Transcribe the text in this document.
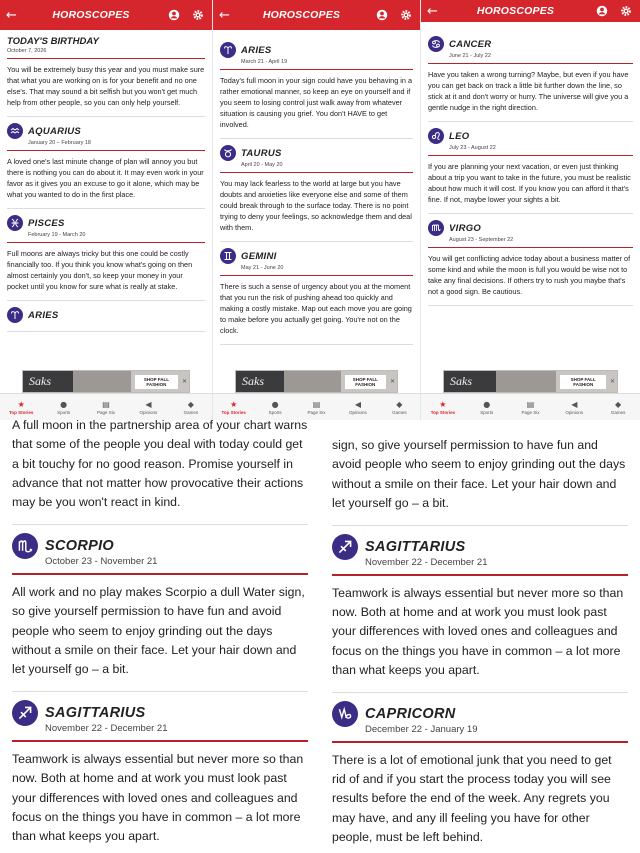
←	HOROSCOPES
TODAY'S BIRTHDAY
October 7, 2026
You will be extremely busy this year and you must make sure that what you are working on is for your benefit and no one else's. That may sound a bit selfish but you won't get much help from other people, so you can only help yourself.
AQUARIUS
January 20 – February 18
A loved one's last minute change of plan will annoy you but there is nothing you can do about it. It may even work in your favor as it gives you an excuse to go it alone, which may be what you wanted to do in the first place.
PISCES
February 19 - March 20
Full moons are always tricky but this one could be costly financially too. If you think you know what's going on then almost certainly you don't, so keep your money in your pocket until you know for sure what is really at stake.
ARIES
Saks	SHOP FALL FASHION	✕
★
Top Stories
●
Sports
▤
Page Six
◀
Opinions
◆
Games
←	HOROSCOPES
ARIES
March 21 - April 19
Today's full moon in your sign could have you behaving in a rather emotional manner, so keep an eye on yourself and if you seem to losing control just walk away from whatever situation is causing you grief. You don't HAVE to get involved.
TAURUS
April 20 - May 20
You may lack fearless to the world at large but you have doubts and anxieties like everyone else and some of them could break through to the surface today. There is no point trying to deny your feelings, so acknowledge them and deal with them.
GEMINI
May 21 - June 20
There is such a sense of urgency about you at the moment that you run the risk of pushing ahead too quickly and making a costly mistake. Map out each move you are going to make before you actually get going. You're not on the clock.
Saks	SHOP FALL FASHION	✕
★
Top Stories
●
Sports
▤
Page Six
◀
Opinions
◆
Games
←	HOROSCOPES
CANCER
June 21 - July 22
Have you taken a wrong turning? Maybe, but even if you have you can get back on track a little bit further down the line, so stick at it and don't worry or hurry. The universe will give you a gentle nudge in the right direction.
LEO
July 23 - August 22
If you are planning your next vacation, or even just thinking about a trip you want to take in the future, you must be realistic about how much it will cost. If you know you can afford it that's fine. If not, maybe lower your sights a bit.
VIRGO
August 23 - September 22
You will get conflicting advice today about a business matter of some kind and while the moon is full you would be wise not to take any final decisions. If others try to rush you maybe that's not a good sign. Be cautious.
Saks	SHOP FALL FASHION	✕
★
Top Stories
●
Sports
▤
Page Six
◀
Opinions
◆
Games
A full moon in the partnership area of your chart warns that some of the people you deal with today could get a bit touchy for no good reason. Promise yourself in advance that not matter how provocative their actions may be you won't react in kind.
SCORPIO
October 23 - November 21
All work and no play makes Scorpio a dull Water sign, so give yourself permission to have fun and avoid people who seem to enjoy grinding out the days without a smile on their face. Let your hair down and let yourself go – a bit.
SAGITTARIUS
November 22 - December 21
Teamwork is always essential but never more so than now. Both at home and at work you must look past your differences with loved ones and colleagues and focus on the things you have in common – a lot more than what keeps you apart.
sign, so give yourself permission to have fun and avoid people who seem to enjoy grinding out the days without a smile on their face. Let your hair down and let yourself go – a bit.
SAGITTARIUS
November 22 - December 21
Teamwork is always essential but never more so than now. Both at home and at work you must look past your differences with loved ones and colleagues and focus on the things you have in common – a lot more than what keeps you apart.
CAPRICORN
December 22 - January 19
There is a lot of emotional junk that you need to get rid of and if you start the process today you will see results before the end of the week. Any regrets you may have, and any ill feeling you have for other people, must be left behind.
